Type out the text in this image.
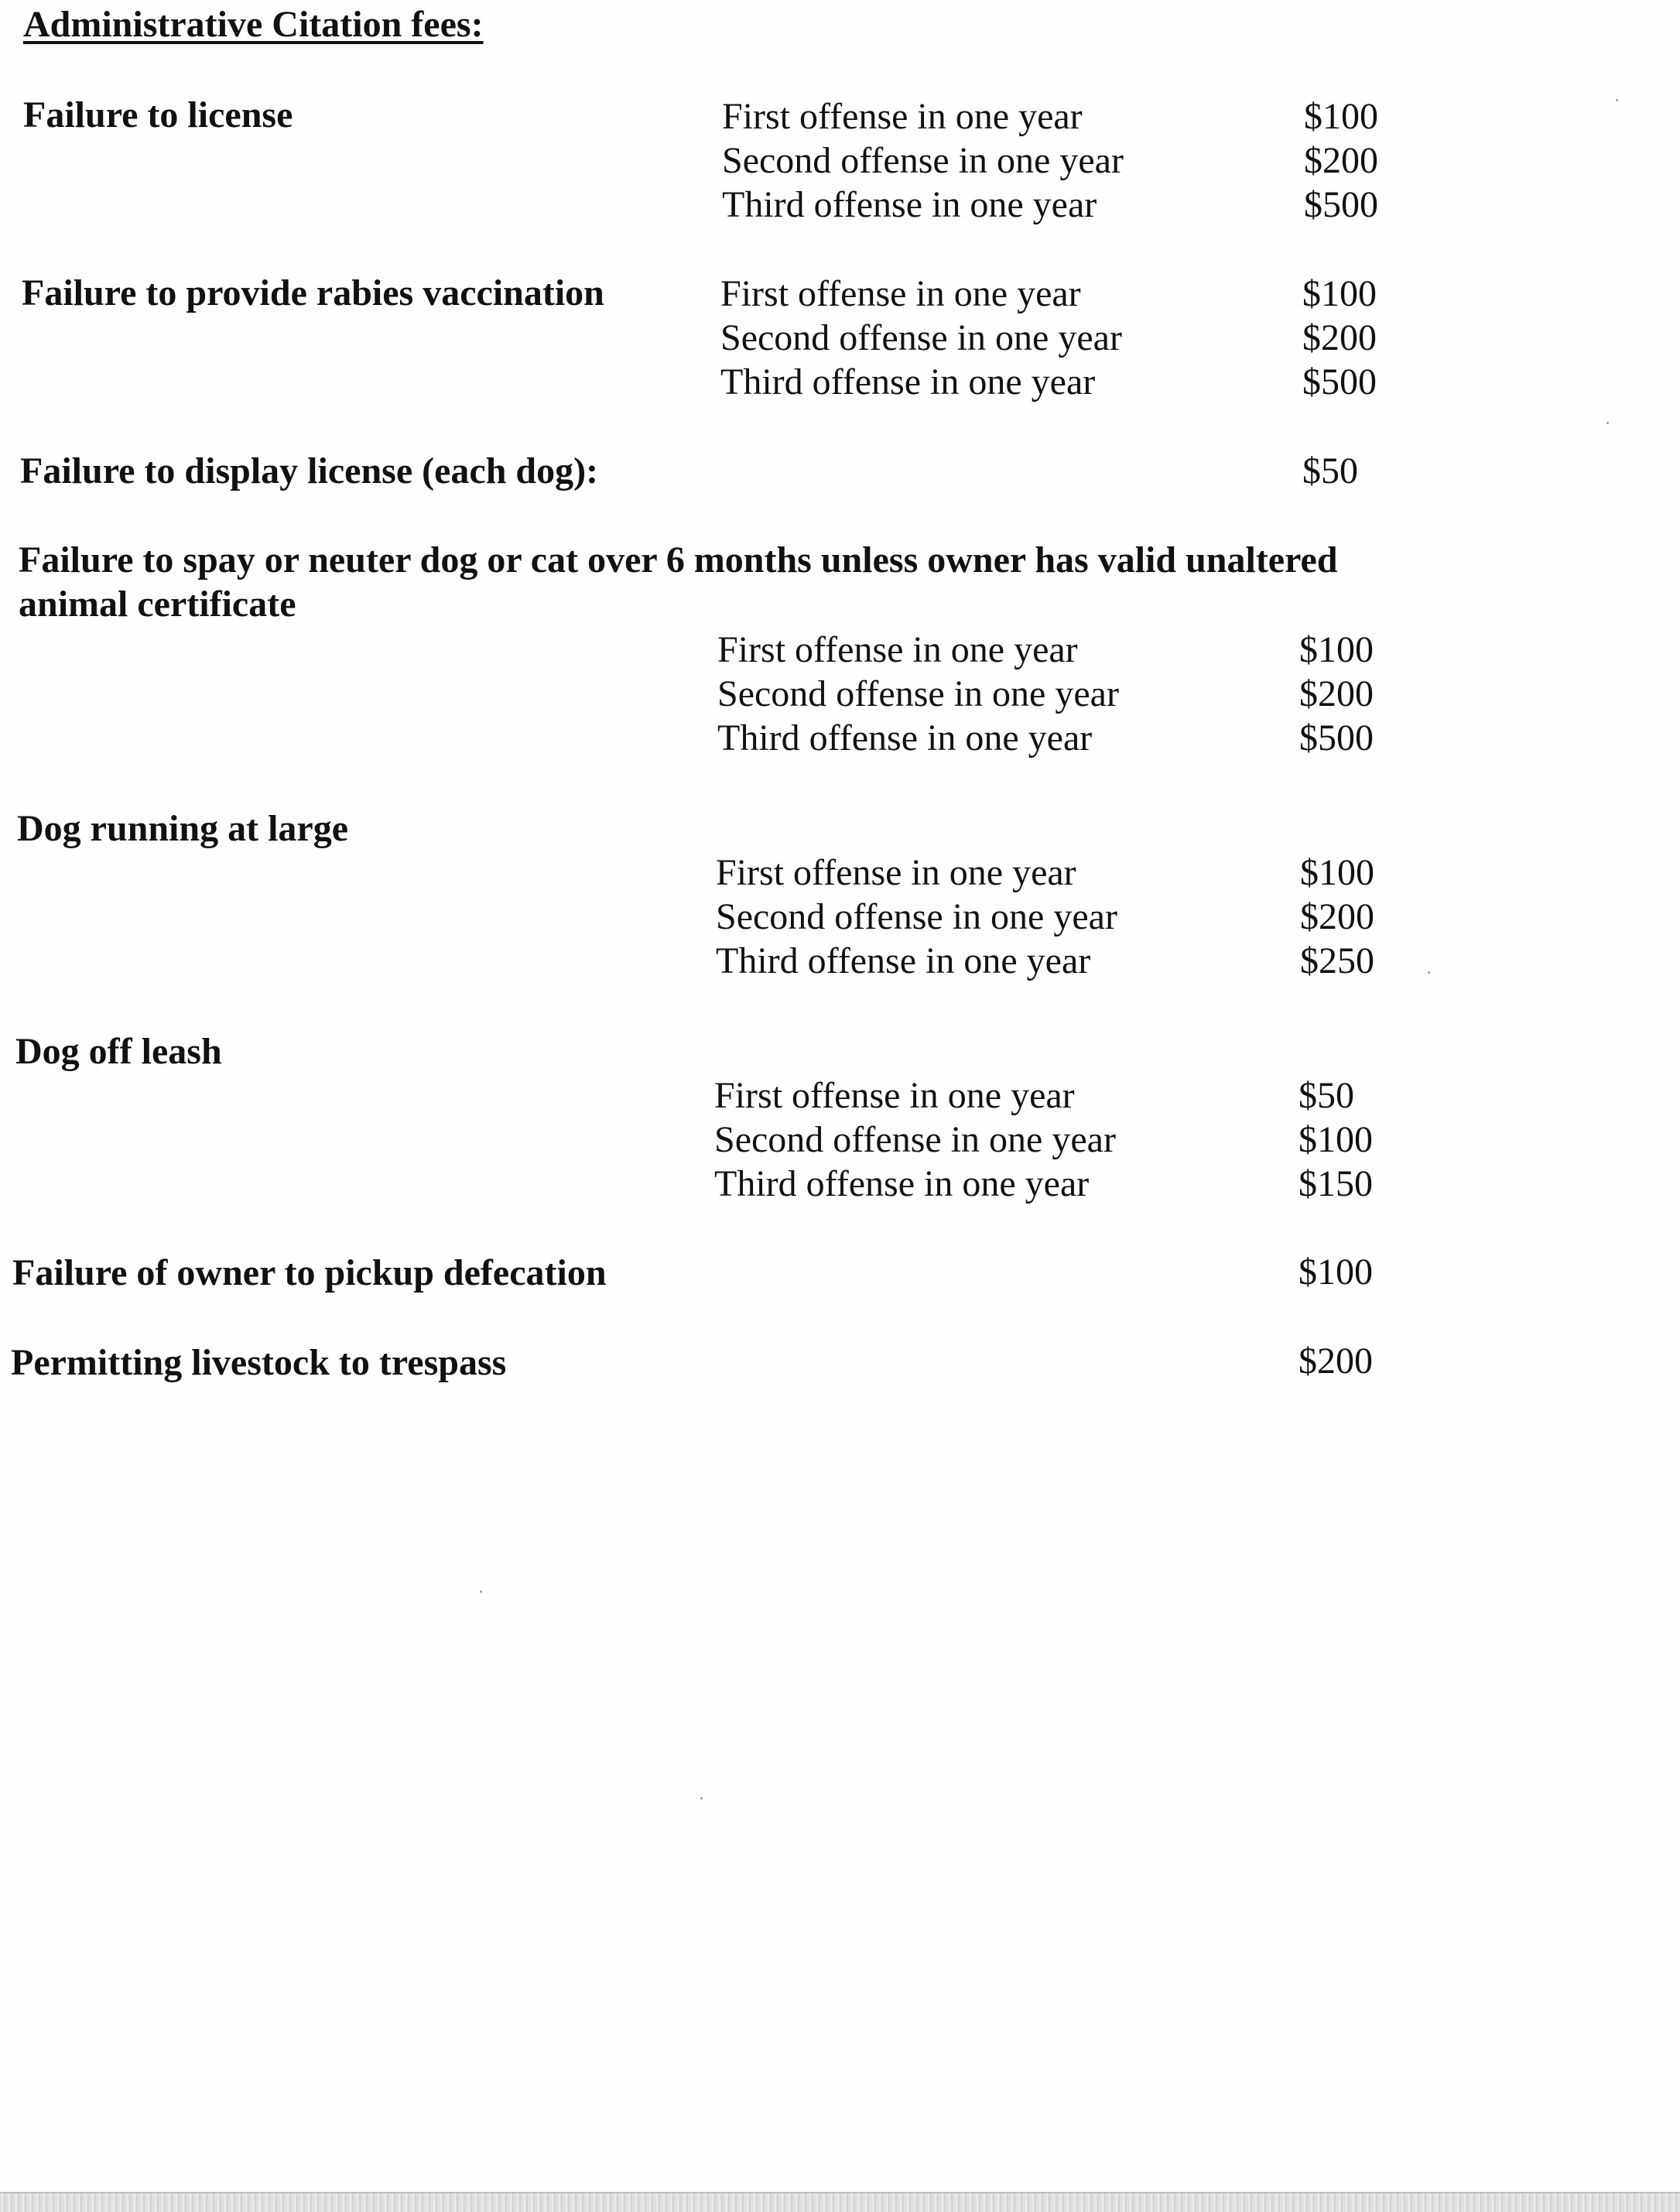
Administrative Citation fees:
Failure to license	First offense in one year	$100
Second offense in one year	$200
Third offense in one year	$500
Failure to provide rabies vaccination	First offense in one year	$100
Second offense in one year	$200
Third offense in one year	$500
Failure to display license (each dog):	$50
Failure to spay or neuter dog or cat over 6 months unless owner has valid unaltered
animal certificate
First offense in one year	$100
Second offense in one year	$200
Third offense in one year	$500
Dog running at large
First offense in one year	$100
Second offense in one year	$200
Third offense in one year	$250
Dog off leash
First offense in one year	$50
Second offense in one year	$100
Third offense in one year	$150
Failure of owner to pickup defecation	$100
Permitting livestock to trespass	$200
